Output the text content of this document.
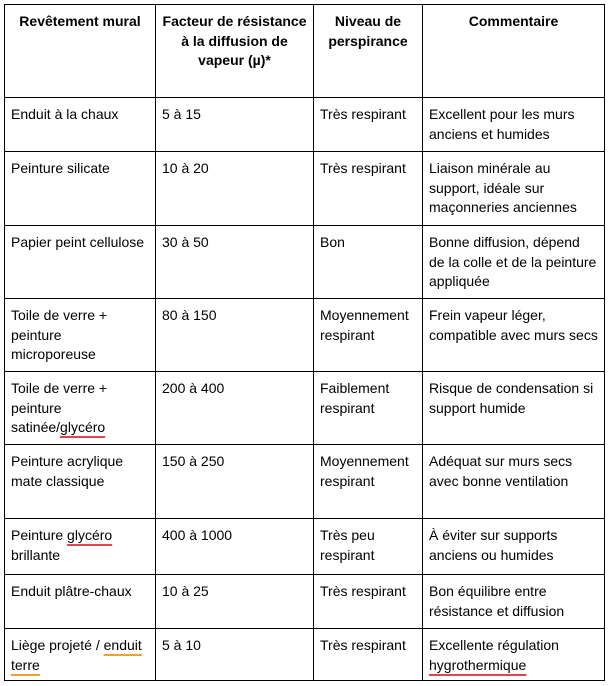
Revêtement mural	Facteur de résistance à la diffusion de vapeur (µ)*	Niveau de perspirance	Commentaire
Enduit à la chaux	5 à 15	Très respirant	Excellent pour les murs anciens et humides
Peinture silicate	10 à 20	Très respirant	Liaison minérale au support, idéale sur maçonneries anciennes
Papier peint cellulose	30 à 50	Bon	Bonne diffusion, dépend de la colle et de la peinture appliquée
Toile de verre + peinture microporeuse	80 à 150	Moyennement respirant	Frein vapeur léger, compatible avec murs secs
Toile de verre + peinture satinée/glycéro	200 à 400	Faiblement respirant	Risque de condensation si support humide
Peinture acrylique mate classique	150 à 250	Moyennement respirant	Adéquat sur murs secs avec bonne ventilation
Peinture glycéro brillante	400 à 1000	Très peu respirant	À éviter sur supports anciens ou humides
Enduit plâtre-chaux	10 à 25	Très respirant	Bon équilibre entre résistance et diffusion
Liège projeté / enduit terre	5 à 10	Très respirant	Excellente régulation hygrothermique
